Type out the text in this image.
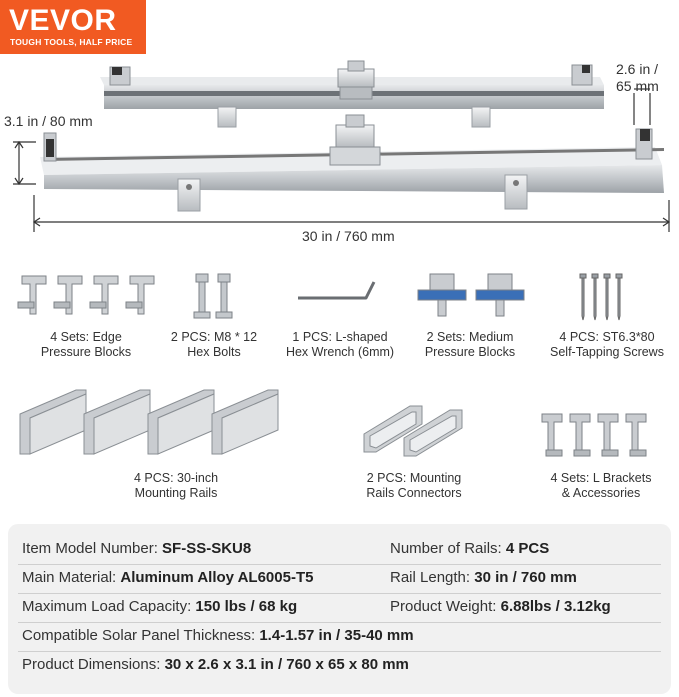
VEVOR
TOUGH TOOLS, HALF PRICE
2.6 in /
65 mm
3.1 in / 80 mm
30 in / 760 mm
4 Sets: Edge
Pressure Blocks
2 PCS: M8 * 12
Hex Bolts
1 PCS: L-shaped
Hex Wrench (6mm)
2 Sets: Medium
Pressure Blocks
4 PCS: ST6.3*80
Self-Tapping Screws
4 PCS: 30-inch
Mounting Rails
2 PCS: Mounting
Rails Connectors
4 Sets: L Brackets
& Accessories
Item Model Number: SF-SS-SKU8	Number of Rails: 4 PCS
Main Material: Aluminum Alloy AL6005-T5	Rail Length: 30 in / 760 mm
Maximum Load Capacity: 150 lbs / 68 kg	Product Weight: 6.88lbs / 3.12kg
Compatible Solar Panel Thickness: 1.4-1.57 in / 35-40 mm
Product Dimensions: 30 x 2.6 x 3.1 in / 760 x 65 x 80 mm
